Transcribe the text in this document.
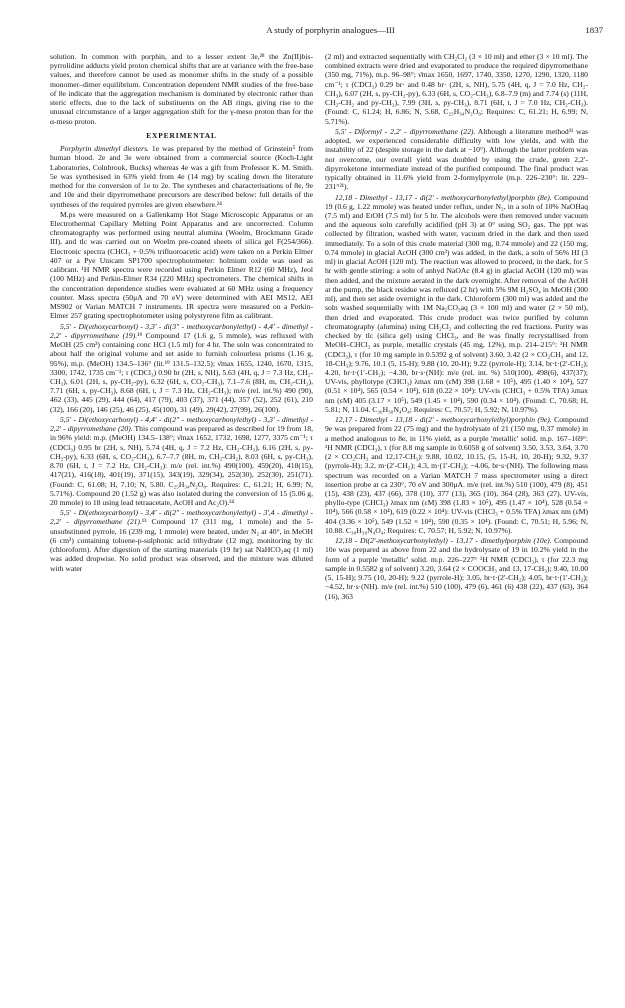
A study of porphyrin analogues—III	1837

solution. In common with porphin, and to a lesser extent 3e,²⁸ the Zn(II)bis-pyrrolidine adducts yield proton chemical shifts that are at variance with the free-base values, and therefore cannot be used as monomer shifts in the study of a possible monomer–dimer equilibrium. Concentration dependent NMR studies of the free-base of 8e indicate that the aggregation mechanism is dominated by electronic rather than steric effects, due to the lack of substituents on the AB rings, giving rise to the unusual circumstance of a larger aggregation shift for the γ-meso proton than for the α-meso proton.

EXPERIMENTAL

Porphyrin dimethyl diesters. 1e was prepared by the method of Grinstein⁵ from human blood. 2e and 3e were obtained from a commercial source (Koch-Light Laboratories, Colnbrook, Bucks) whereas 4e was a gift from Professor K. M. Smith. 5e was synthesised in 63% yield from 4e (14 mg) by scaling down the literature method for the conversion of 1e to 2e. The syntheses and characterisations of 8e, 9e and 10e and their dipyrromethane precursors are described below: full details of the syntheses of the required pyrroles are given elsewhere.²⁴

M.ps were measured on a Gallenkamp Hot Stage Microscopic Apparatus or an Electrothermal Capillary Melting Point Apparatus and are uncorrected. Column chromatography was performed using neutral alumina (Woelm, Brockmann Grade III), and tlc was carried out on Woelm pre-coated sheets of silica gel F(254/366). Electronic spectra (CHCl₃ + 0.5% trifluoroacetic acid) were taken on a Perkin Elmer 407 or a Pye Unicam SP1700 spectrophotometer: holmium oxide was used as calibrant. ¹H NMR spectra were recorded using Perkin Elmer R12 (60 MHz), Jeol (100 MHz) and Perkin-Elmer R34 (220 MHz) spectrometers. The chemical shifts in the concentration dependence studies were evaluated at 60 MHz using a frequency counter. Mass spectra (50μA and 70 eV) were determined with AEI MS12, AEI MS902 or Varian MATCH 7 instruments. IR spectra were measured on a Perkin-Elmer 257 grating spectrophotometer using polystyrene film as calibrant.

5,5′ - Di(ethoxycarbonyl) - 3,3′ - di(3″ - methoxycarbonylethyl) - 4,4′ - dimethyl - 2,2′ - dipyrromethane (19).¹⁹ Compound 17 (1.6 g, 5 mmole), was refluxed with MeOH (25 cm³) containing conc HCl (1.5 ml) for 4 hr. The soln was concentrated to about half the original volume and set aside to furnish colourless prisms (1.16 g, 95%), m.p. (MeOH) 134.5–136° (lit.¹⁹ 131.5–132.5); ν̄max 1655, 1240, 1670, 1315, 3300, 1742, 1735 cm⁻¹; τ (CDCl₃) 0.90 br (2H, s, NH), 5.63 (4H, q, J = 7.3 Hz, CH₂-CH₃), 6.01 (2H, s, py-CH₂-py), 6.32 (6H, s, CO₂-CH₃), 7.1–7.6 (8H, m, CH₂-CH₂), 7.71 (6H, s, py-CH₃), 8.68 (6H, t, J = 7.3 Hz, CH₂-CH₃); m/e (rel. int.%) 490 (90), 462 (33), 445 (29), 444 (64), 417 (79), 403 (37), 371 (44), 357 (52), 252 (61), 210 (32), 166 (20), 146 (25), 46 (25), 45(100), 31 (49), 29(42), 27(99), 26(100).

5,5′ - Di(ethoxycarbonyl) - 4,4′ - di(2″ - methoxycarbonylethyl) - 3,3′ - dimethyl - 2,2′ - dipyrromethane (20). This compound was prepared as described for 19 from 18, in 96% yield: m.p. (MeOH) 134.5–138°; ν̄max 1652, 1732, 1698, 1277, 3375 cm⁻¹; τ (CDCl₃) 0.95 br (2H, s, NH), 5.74 (4H, q, J = 7.2 Hz, CH₂-CH₃), 6.16 (2H, s, py-CH₂-py), 6.33 (6H, s, CO₂-CH₃), 6.7–7.7 (8H, m, CH₂-CH₂), 8.03 (6H, s, py-CH₃), 8.70 (6H, t, J = 7.2 Hz, CH₂-CH₃): m/e (rel. int.%) 490(100), 459(20), 418(15), 417(21), 416(18), 401(19), 371(15), 343(19), 329(34), 252(30), 252(30), 251(71). (Found: C, 61.08; H, 7.10; N, 5.80. C₂₅H₃₄N₂O₈. Requires: C, 61.21; H, 6.99; N, 5.71%). Compound 20 (1.52 g) was also isolated during the conversion of 15 (5.06 g, 20 mmole) to 18 using lead tetraacetate, AcOH and Ac₂O).²⁴

5,5′ - Di(ethoxycarbonyl) - 3,4′ - di(2″ - methoxycarbonylethyl) - 3′,4 - dimethyl - 2,2′ - dipyrromethane (21).¹³ Compound 17 (311 mg, 1 mmole) and the 5-unsubstituted pyrrole, 16 (239 mg, 1 mmole) were heated, under N₂ at 40°, in MeOH (6 cm³) containing toluene-p-sulphonic acid trihydrate (12 mg), monitoring by tlc (chloroform). After digestion of the starting materials (19 hr) sat NaHCO₃aq (1 ml) was added dropwise. No solid product was observed, and the mixture was diluted with water

(2 ml) and extracted sequentially with CH₂Cl₂ (3 × 10 ml) and ether (3 × 10 ml). The combined extracts were dried and evaporated to produce the required dipyrromethane (350 mg, 71%), m.p. 96–98°; ν̄max 1650, 1697, 1740, 3350, 1270, 1290, 1320, 1180 cm⁻¹; τ (CDCl₃) 0.29 br· and 0.48 br· (2H, s, NH), 5.75 (4H, q, J = 7.0 Hz, CH₂-CH₃), 6.07 (2H, s, py-CH₂-py), 6.33 (6H, s, CO₂-CH₃), 6.8–7.9 (m) and 7.74 (s) (11H, CH₂-CH₂ and py-CH₃), 7.99 (3H, s, py-CH₃), 8.71 (6H, t, J = 7.0 Hz, CH₂-CH₃). (Found: C, 61.24; H, 6.86; N, 5.68, C₂₅H₃₄N₂O₈; Requires: C, 61.21; H, 6.99; N, 5.71%).

5,5′ - Diformyl - 2,2′ - dipyrromethane (22). Although a literature method²¹ was adopted, we experienced considerable difficulty with low yields, and with the instability of 22 (despite storage in the dark at −10°). Although the latter problem was not overcome, our overall yield was doubled by using the crude, green 2,2′-dipyrroketone intermediate instead of the purified compound. The final product was typically obtained in 11.6% yield from 2-formylpyrrole (m.p. 226–230°: lit. 229–231°²¹).

12,18 - Dimethyl - 13,17 - di(2′ - methoxycarbonylethyl)porphin (8e). Compound 19 (0.6 g, 1.22 mmole) was heated under reflux, under N₂, in a soln of 10% NaOHaq (7.5 ml) and EtOH (7.5 ml) for 5 hr. The alcohols were then removed under vacuum and the aqueous soln carefully acidified (pH 3) at 0° using SO₂ gas. The ppt was collected by filtration, washed with water, vacuum dried in the dark and then used immediately. To a soln of this crude material (300 mg, 0.74 mmole) and 22 (150 mg, 0.74 mmole) in glacial AcOH (300 cm³) was added, in the dark, a soln of 56% HI (3 ml) in glacial AcOH (120 ml). The reaction was allowed to proceed, in the dark, for 5 hr with gentle stirring: a soln of anhyd NaOAc (8.4 g) in glacial AcOH (120 ml) was then added, and the mixture aerated in the dark overnight. After removal of the AcOH at the pump, the black residue was refluxed (2 hr) with 5% 9M H₂SO₄ in MeOH (300 ml), and then set aside overnight in the dark. Chloroform (300 ml) was added and the soln washed sequentially with 1M Na₂CO₃aq (3 × 100 ml) and water (2 × 50 ml), then dried and evaporated. This crude product was twice purified by column chromatography (alumina) using CH₂Cl₂ and collecting the red fractions. Purity was checked by tlc (silica gel) using CHCl₃, and 8e was finally recrystallised from MeOH–CHCl₃ as purple, metallic crystals (45 mg, 12%), m.p. 214–215°: ¹H NMR (CDCl₃), τ (for 10 mg sample in 0.5392 g of solvent) 3.60, 3.42 (2 × CO₂CH₃ and 12, 18-CH₃); 9.76, 10.1 (5, 15-H); 9.88 (10, 20-H); 9.22 (pyrrole-H); 3.14, br·t·(2′-CH₂); 4.20, br·t·(1′-CH₂); −4.30, br·s·(NH): m/e (rel. int. %) 510(100), 498(6), 437(37); UV-vis, phyllotype (CHCl₃) λmax nm (εM) 398 (1.68 × 10⁵), 495 (1.40 × 10⁴), 527 (0.51 × 10⁴), 565 (0.54 × 10⁴), 618 (0.22 × 10⁴): UV-vis (CHCl₃ + 0.5% TFA) λmax nm (εM) 405 (3.17 × 10⁵), 549 (1.45 × 10⁴), 590 (0.34 × 10⁴). (Found: C, 70.68; H, 5.81; N, 11.04. C₃₀H₃₀N₄O₄; Requires: C, 70.57; H, 5.92; N, 10.97%).

12,17 - Dimethyl - 13,18 - di(2′ - methoxycarbonylethyl)porphin (9e). Compound 9e was prepared from 22 (75 mg) and the hydrolysate of 21 (150 mg, 0.37 mmole) in a method analogous to 8e, in 11% yield, as a purple 'metallic' solid. m.p. 167–169°: ¹H NMR (CDCl₃), τ (for 8.8 mg sample in 0.6058 g of solvent) 3.50, 3.53, 3.64, 3.70 (2 × CO₂CH₃ and 12,17-CH₃): 9.88, 10.02, 10.15, (5, 15-H, 10, 20-H); 9.32, 9.37 (pyrrole-H); 3.2, m·(2′-CH₂); 4.3, m·(1′-CH₂); −4.06, br·s·(NH). The following mass spectrum was recorded on a Varian MATCH 7 mass spectrometer using a direct insertion probe at ca 230°, 70 eV and 300μA. m/e (rel. int.%) 510 (100), 479 (8), 451 (15), 438 (23), 437 (66), 378 (10), 377 (13), 365 (10), 364 (28), 363 (27). UV-vis, phyllo-type (CHCl₃) λmax nm (εM) 398 (1.83 × 10⁵), 495 (1.47 × 10⁴), 528 (0.54 × 10⁴), 566 (0.58 × 10⁴), 619 (0.22 × 10⁴): UV-vis (CHCl₃ + 0.5% TFA) λmax nm (εM) 404 (3.36 × 10⁵), 549 (1.52 × 10⁴), 590 (0.35 × 10⁴). (Found: C, 70.51; H, 5.96; N, 10.88. C₃₀H₃₀N₄O₄; Requires: C, 70.57; H, 5.92; N, 10.97%).

12,18 - Di(2′-methoxycarbonylethyl) - 13,17 - dimethylporphin (10e). Compound 10e was prepared as above from 22 and the hydrolysate of 19 in 10.2% yield in the form of a purple 'metallic' solid. m.p. 226–227° ¹H NMR (CDCl₃), τ (for 22.3 mg sample in 0.5582 g of solvent) 3.20, 3.64 (2 × COOCH₃ and 13, 17-CH₃); 9.40, 10.00 (5, 15-H); 9.75 (10, 20-H); 9.22 (pyrrole-H); 3.05, br·t·(2′-CH₂); 4.05, br·t·(1′-CH₂); −4.52, br·s·(NH). m/e (rel. int.%) 510 (100), 479 (6), 461 (6) 438 (22), 437 (63), 364 (16), 363
